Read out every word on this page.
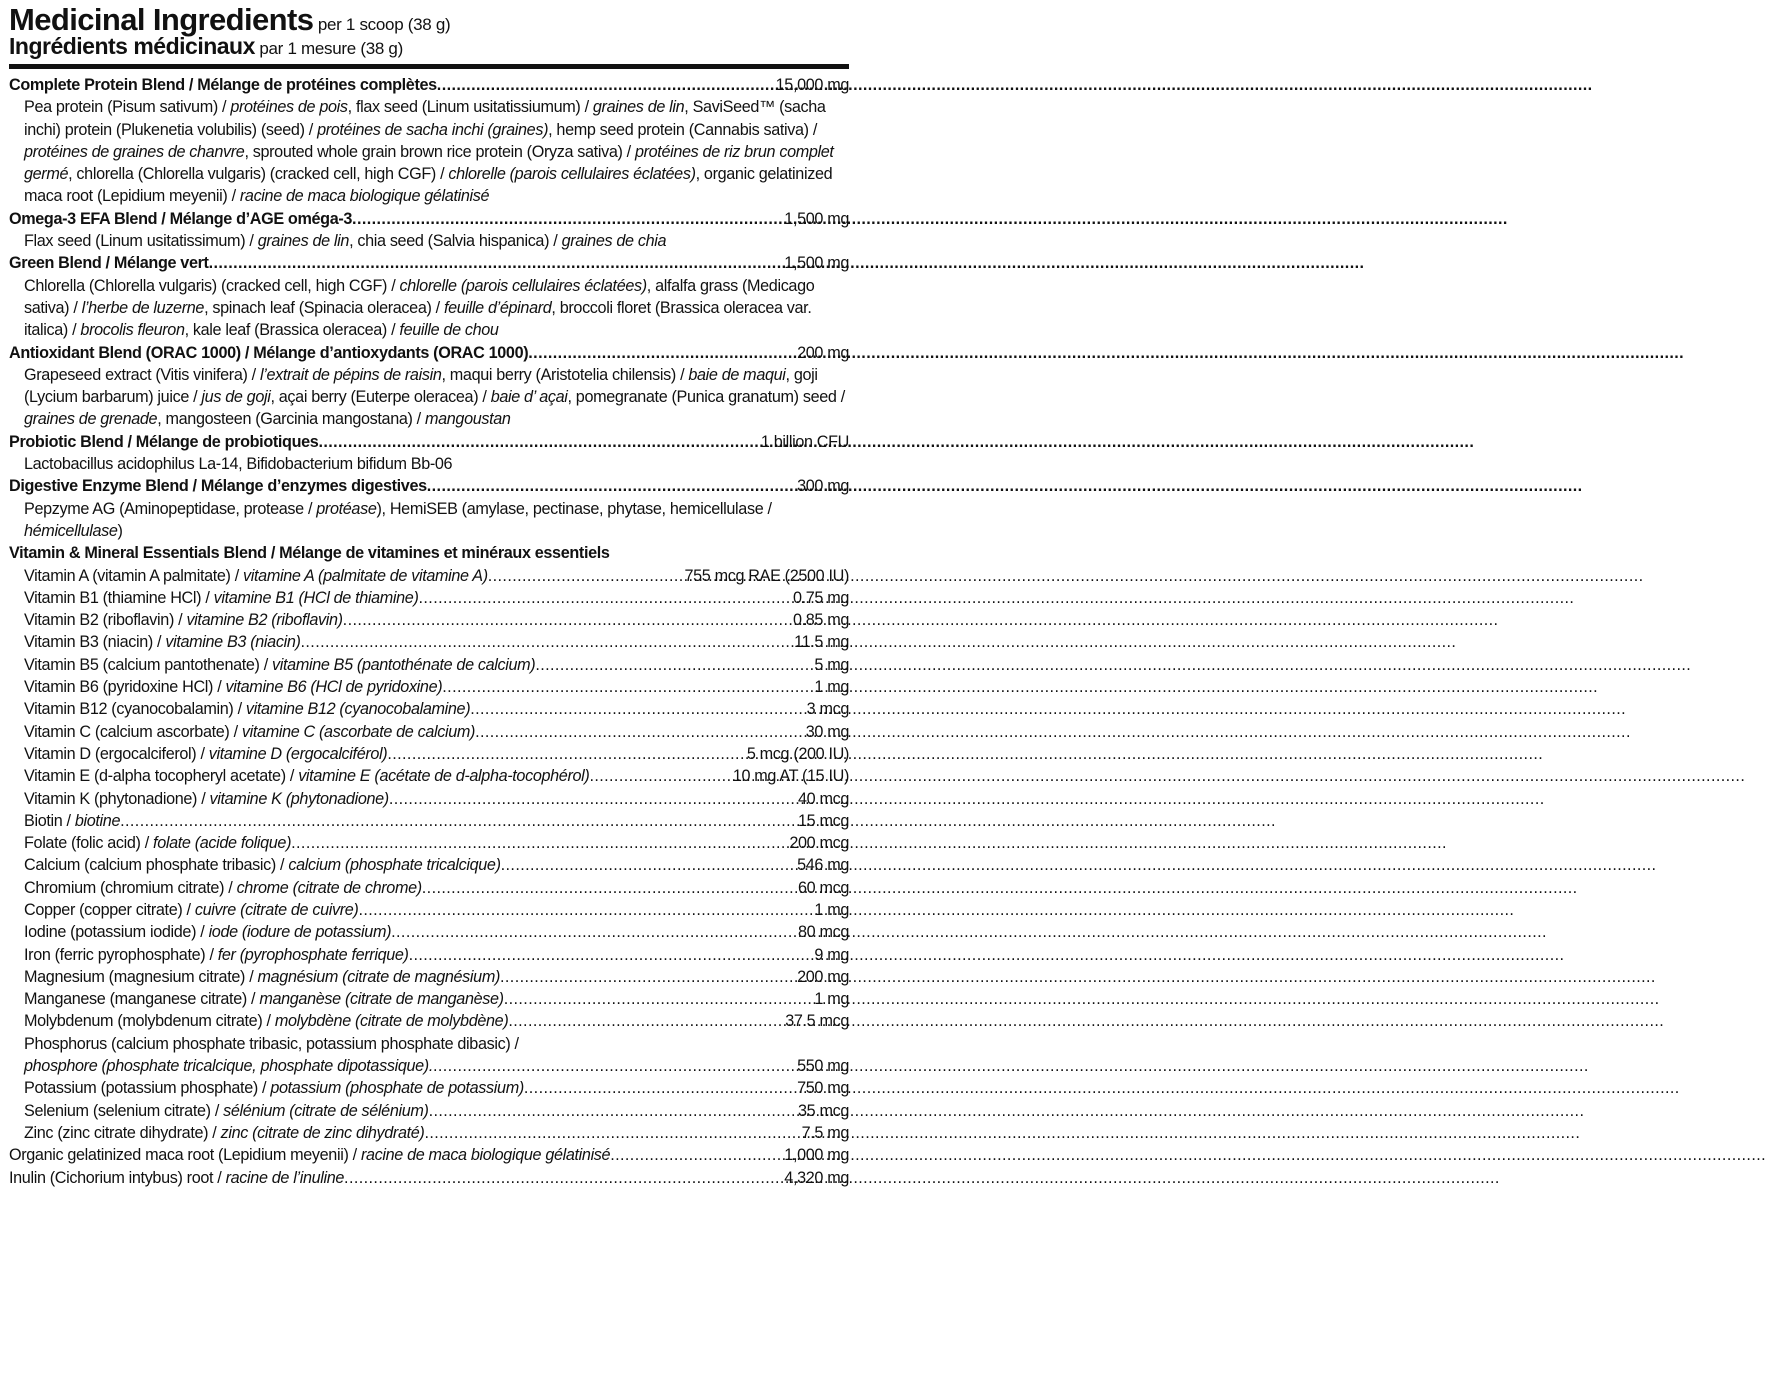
Medicinal Ingredients per 1 scoop (38 g)
Ingrédients médicinaux par 1 mesure (38 g)
Complete Protein Blend / Mélange de protéines complètes .....	15,000 mg
Pea protein (Pisum sativum) / protéines de pois, flax seed (Linum usitatissiumum) / graines de lin, SaviSeed™ (sacha inchi) protein (Plukenetia volubilis) (seed) / protéines de sacha inchi (graines), hemp seed protein (Cannabis sativa) / protéines de graines de chanvre, sprouted whole grain brown rice protein (Oryza sativa) / protéines de riz brun complet germé, chlorella (Chlorella vulgaris) (cracked cell, high CGF) / chlorelle (parois cellulaires éclatées), organic gelatinized maca root (Lepidium meyenii) / racine de maca biologique gélatinisé
Omega-3 EFA Blend / Mélange d’AGE oméga-3 .....	1,500 mg
Flax seed (Linum usitatissimum) / graines de lin, chia seed (Salvia hispanica) / graines de chia
Green Blend / Mélange vert .....	1,500 mg
Chlorella (Chlorella vulgaris) (cracked cell, high CGF) / chlorelle (parois cellulaires éclatées), alfalfa grass (Medicago sativa) / l’herbe de luzerne, spinach leaf (Spinacia oleracea) / feuille d’épinard, broccoli floret (Brassica oleracea var. italica) / brocolis fleuron, kale leaf (Brassica oleracea) / feuille de chou
Antioxidant Blend (ORAC 1000) / Mélange d’antioxydants (ORAC 1000) .....	200 mg
Grapeseed extract (Vitis vinifera) / l’extrait de pépins de raisin, maqui berry (Aristotelia chilensis) / baie de maqui, goji (Lycium barbarum) juice / jus de goji, açai berry (Euterpe oleracea) / baie d’ açai, pomegranate (Punica granatum) seed / graines de grenade, mangosteen (Garcinia mangostana) / mangoustan
Probiotic Blend / Mélange de probiotiques .....	1 billion CFU
Lactobacillus acidophilus La-14, Bifidobacterium bifidum Bb-06
Digestive Enzyme Blend / Mélange d’enzymes digestives .....	300 mg
Pepzyme AG (Aminopeptidase, protease / protéase), HemiSEB (amylase, pectinase, phytase, hemicellulase / hémicellulase)
Vitamin & Mineral Essentials Blend / Mélange de vitamines et minéraux essentiels
Vitamin A (vitamin A palmitate) / vitamine A (palmitate de vitamine A) .....	755 mcg RAE (2500 IU)
Vitamin B1 (thiamine HCl) / vitamine B1 (HCl de thiamine) .....	0.75 mg
Vitamin B2 (riboflavin) / vitamine B2 (riboflavin) .....	0.85 mg
Vitamin B3 (niacin) / vitamine B3 (niacin) .....	11.5 mg
Vitamin B5 (calcium pantothenate) / vitamine B5 (pantothénate de calcium) .....	5 mg
Vitamin B6 (pyridoxine HCl) / vitamine B6 (HCl de pyridoxine) .....	1 mg
Vitamin B12 (cyanocobalamin) / vitamine B12 (cyanocobalamine) .....	3 mcg
Vitamin C (calcium ascorbate) / vitamine C (ascorbate de calcium) .....	30 mg
Vitamin D (ergocalciferol) / vitamine D (ergocalciférol) .....	5 mcg (200 IU)
Vitamin E (d-alpha tocopheryl acetate) / vitamine E (acétate de d-alpha-tocophérol) .....	10 mg AT (15 IU)
Vitamin K (phytonadione) / vitamine K (phytonadione) .....	40 mcg
Biotin / biotine .....	15 mcg
Folate (folic acid) / folate (acide folique) .....	200 mcg
Calcium (calcium phosphate tribasic) / calcium (phosphate tricalcique) .....	546 mg
Chromium (chromium citrate) / chrome (citrate de chrome) .....	60 mcg
Copper (copper citrate) / cuivre (citrate de cuivre) .....	1 mg
Iodine (potassium iodide) / iode (iodure de potassium) .....	80 mcg
Iron (ferric pyrophosphate) / fer (pyrophosphate ferrique) .....	9 mg
Magnesium (magnesium citrate) / magnésium (citrate de magnésium) .....	200 mg
Manganese (manganese citrate) / manganèse (citrate de manganèse) .....	1 mg
Molybdenum (molybdenum citrate) / molybdène (citrate de molybdène) .....	37.5 mcg
Phosphorus (calcium phosphate tribasic, potassium phosphate dibasic) /
phosphore (phosphate tricalcique, phosphate dipotassique). .....	550 mg
Potassium (potassium phosphate) / potassium (phosphate de potassium) .....	750 mg
Selenium (selenium citrate) / sélénium (citrate de sélénium) .....	35 mcg
Zinc (zinc citrate dihydrate) / zinc (citrate de zinc dihydraté) .....	7.5 mg
Organic gelatinized maca root (Lepidium meyenii) / racine de maca biologique gélatinisé .....	1,000 mg
Inulin (Cichorium intybus) root / racine de l’inuline .....	4,320 mg
